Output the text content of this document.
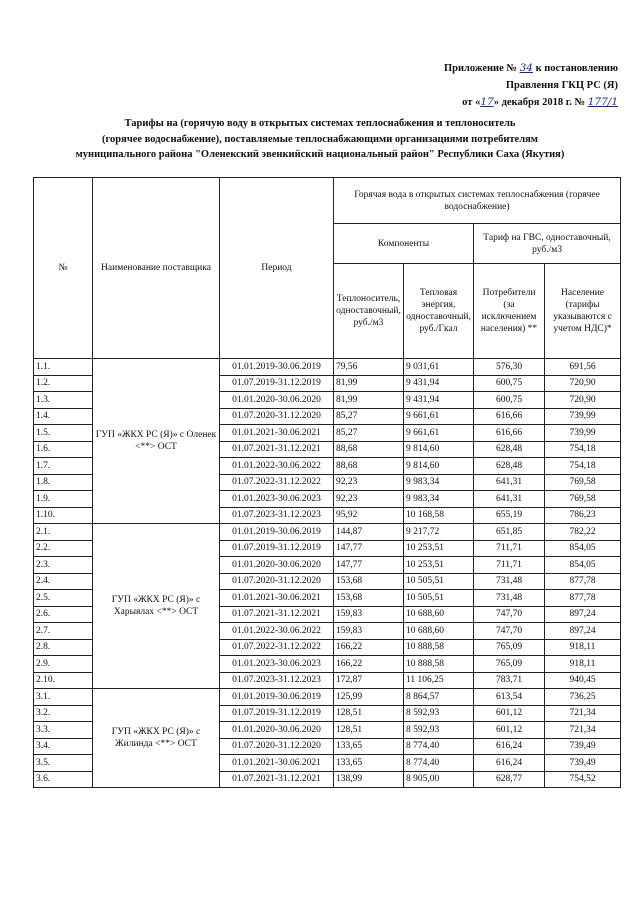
Приложение № 34 к постановлению
Правления ГКЦ РС (Я)
от «17» декабря 2018 г. № 177/1
Тарифы на (горячую воду в открытых системах теплоснабжения и теплоноситель
(горячее водоснабжение), поставляемые теплоснабжающими организациями потребителям
муниципального района "Оленекский эвенкийский национальный район" Республики Саха (Якутия)
№	Наименование поставщика	Период	Горячая вода в открытых системах теплоснабжения (горячее водоснабжение)			
			Компоненты		Тариф на ГВС, одноставочный, руб./м3	
			Теплоноситель, одноставочный, руб./м3	Тепловая энергия, одноставочный, руб./Гкал	Потребители (за исключением населения) **	Население (тарифы указываются с учетом НДС)*
1.1.	ГУП «ЖКХ РС (Я)» с Оленек <**> ОСТ	01.01.2019-30.06.2019	79,56	9 031,61	576,30	691,56
1.2.		01.07.2019-31.12.2019	81,99	9 431,94	600,75	720,90
1.3.		01.01.2020-30.06.2020	81,99	9 431,94	600,75	720,90
1.4.		01.07.2020-31.12.2020	85,27	9 661,61	616,66	739,99
1.5.		01.01.2021-30.06.2021	85,27	9 661,61	616,66	739,99
1.6.		01.07.2021-31.12.2021	88,68	9 814,60	628,48	754,18
1.7.		01.01.2022-30.06.2022	88,68	9 814,60	628,48	754,18
1.8.		01.07.2022-31.12.2022	92,23	9 983,34	641,31	769,58
1.9.		01.01.2023-30.06.2023	92,23	9 983,34	641,31	769,58
1.10.		01.07.2023-31.12.2023	95,92	10 168,58	655,19	786,23
2.1.	ГУП «ЖКХ РС (Я)» с Харыялах <**> ОСТ	01.01.2019-30.06.2019	144,87	9 217,72	651,85	782,22
2.2.		01.07.2019-31.12.2019	147,77	10 253,51	711,71	854,05
2.3.		01.01.2020-30.06.2020	147,77	10 253,51	711,71	854,05
2.4.		01.07.2020-31.12.2020	153,68	10 505,51	731,48	877,78
2.5.		01.01.2021-30.06.2021	153,68	10 505,51	731,48	877,78
2.6.		01.07.2021-31.12.2021	159,83	10 688,60	747,70	897,24
2.7.		01.01.2022-30.06.2022	159,83	10 688,60	747,70	897,24
2.8.		01.07.2022-31.12.2022	166,22	10 888,58	765,09	918,11
2.9.		01.01.2023-30.06.2023	166,22	10 888,58	765,09	918,11
2.10.		01.07.2023-31.12.2023	172,87	11 106,25	783,71	940,45
3.1.	ГУП «ЖКХ РС (Я)» с Жилинда <**> ОСТ	01.01.2019-30.06.2019	125,99	8 864,57	613,54	736,25
3.2.		01.07.2019-31.12.2019	128,51	8 592,93	601,12	721,34
3.3.		01.01.2020-30.06.2020	128,51	8 592,93	601,12	721,34
3.4.		01.07.2020-31.12.2020	133,65	8 774,40	616,24	739,49
3.5.		01.01.2021-30.06.2021	133,65	8 774,40	616,24	739,49
3.6.		01.07.2021-31.12.2021	138,99	8 905,00	628,77	754,52
